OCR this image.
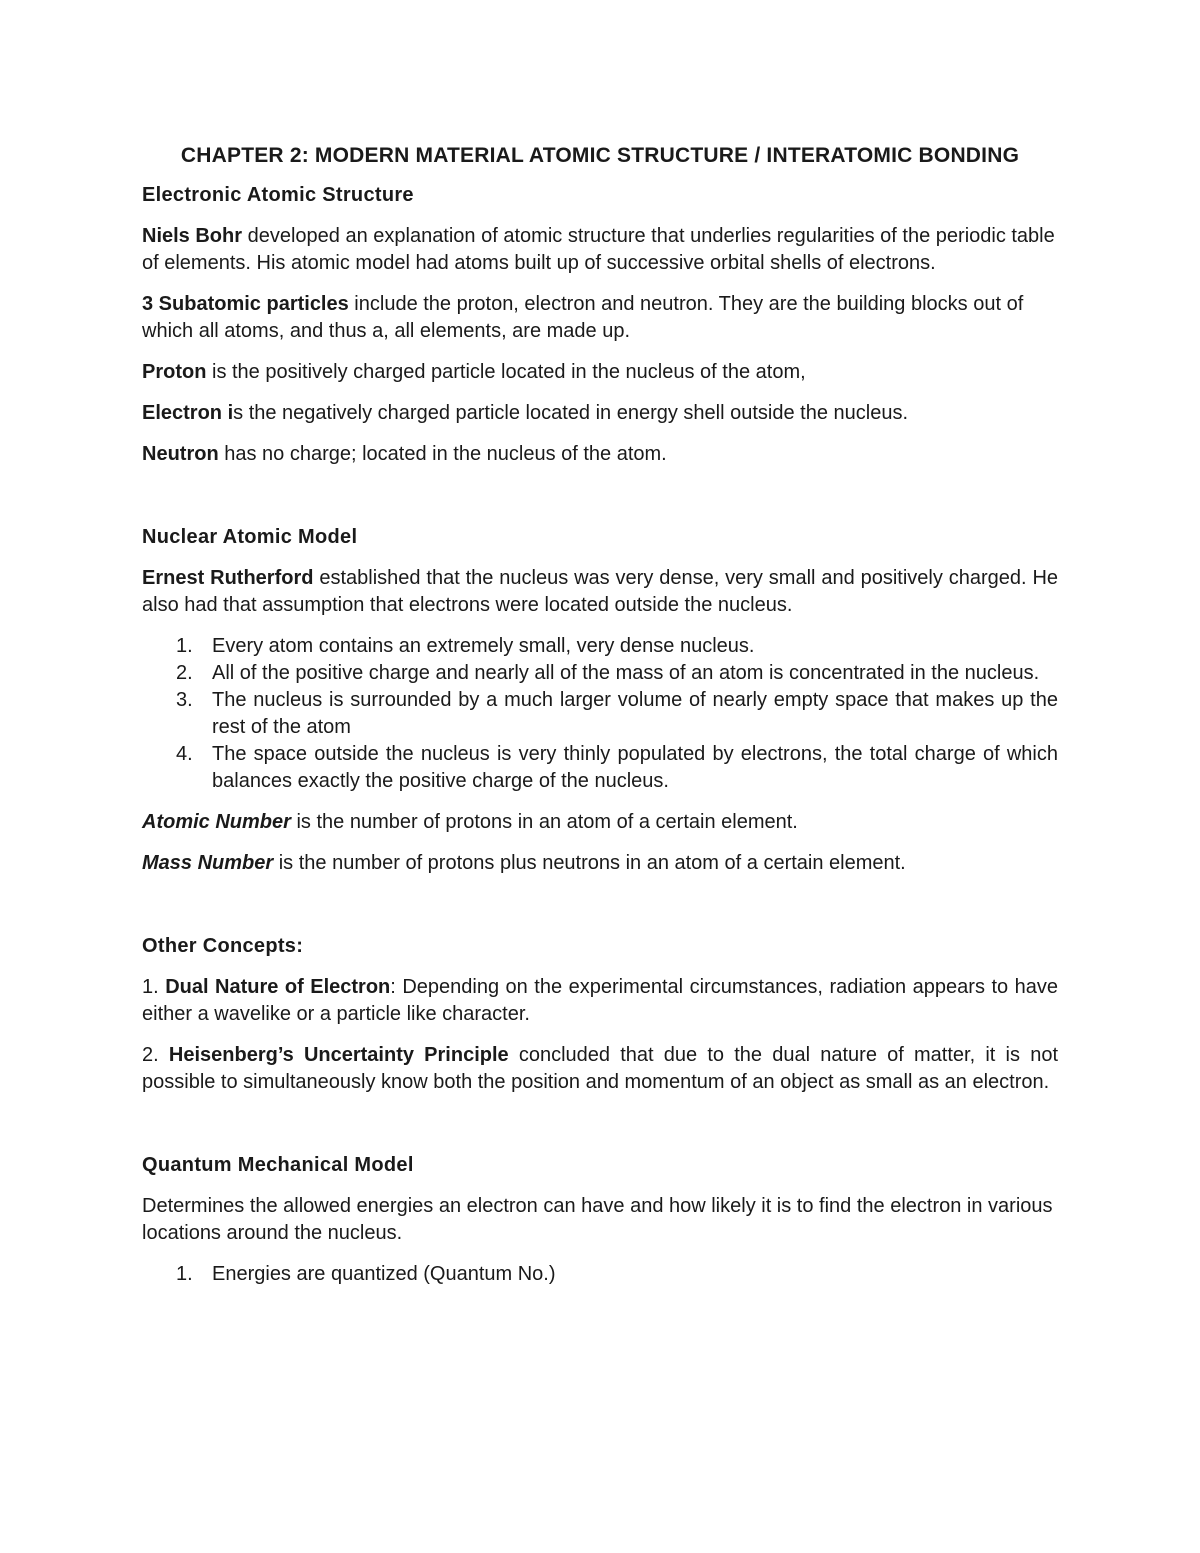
CHAPTER 2: MODERN MATERIAL ATOMIC STRUCTURE / INTERATOMIC BONDING
Electronic Atomic Structure

Niels Bohr developed an explanation of atomic structure that underlies regularities of the periodic table of elements. His atomic model had atoms built up of successive orbital shells of electrons.

3 Subatomic particles include the proton, electron and neutron. They are the building blocks out of which all atoms, and thus a, all elements, are made up.

Proton is the positively charged particle located in the nucleus of the atom,

Electron is the negatively charged particle located in energy shell outside the nucleus.

Neutron has no charge; located in the nucleus of the atom.

Nuclear Atomic Model

Ernest Rutherford established that the nucleus was very dense, very small and positively charged. He also had that assumption that electrons were located outside the nucleus.

1. Every atom contains an extremely small, very dense nucleus.
2. All of the positive charge and nearly all of the mass of an atom is concentrated in the nucleus.
3. The nucleus is surrounded by a much larger volume of nearly empty space that makes up the rest of the atom
4. The space outside the nucleus is very thinly populated by electrons, the total charge of which balances exactly the positive charge of the nucleus.

Atomic Number is the number of protons in an atom of a certain element.

Mass Number is the number of protons plus neutrons in an atom of a certain element.

Other Concepts:

1. Dual Nature of Electron: Depending on the experimental circumstances, radiation appears to have either a wavelike or a particle like character.

2. Heisenberg’s Uncertainty Principle concluded that due to the dual nature of matter, it is not possible to simultaneously know both the position and momentum of an object as small as an electron.

Quantum Mechanical Model

Determines the allowed energies an electron can have and how likely it is to find the electron in various locations around the nucleus.

1. Energies are quantized (Quantum No.)
